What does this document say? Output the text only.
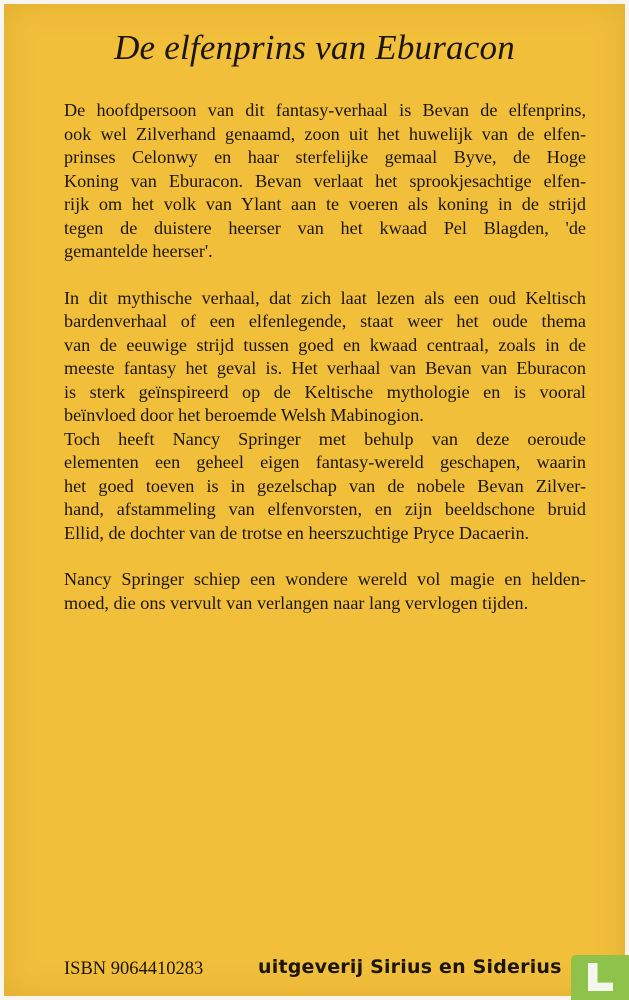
De elfenprins van Eburacon

De hoofdpersoon van dit fantasy-verhaal is Bevan de elfenprins,
ook wel Zilverhand genaamd, zoon uit het huwelijk van de elfen-
prinses Celonwy en haar sterfelijke gemaal Byve, de Hoge
Koning van Eburacon. Bevan verlaat het sprookjesachtige elfen-
rijk om het volk van Ylant aan te voeren als koning in de strijd
tegen de duistere heerser van het kwaad Pel Blagden, 'de
gemantelde heerser'.

In dit mythische verhaal, dat zich laat lezen als een oud Keltisch
bardenverhaal of een elfenlegende, staat weer het oude thema
van de eeuwige strijd tussen goed en kwaad centraal, zoals in de
meeste fantasy het geval is. Het verhaal van Bevan van Eburacon
is sterk geïnspireerd op de Keltische mythologie en is vooral
beïnvloed door het beroemde Welsh Mabinogion.
Toch heeft Nancy Springer met behulp van deze oeroude
elementen een geheel eigen fantasy-wereld geschapen, waarin
het goed toeven is in gezelschap van de nobele Bevan Zilver-
hand, afstammeling van elfenvorsten, en zijn beeldschone bruid
Ellid, de dochter van de trotse en heerszuchtige Pryce Dacaerin.

Nancy Springer schiep een wondere wereld vol magie en helden-
moed, die ons vervult van verlangen naar lang vervlogen tijden.

ISBN 9064410283	uitgeverij Sirius en Siderius
